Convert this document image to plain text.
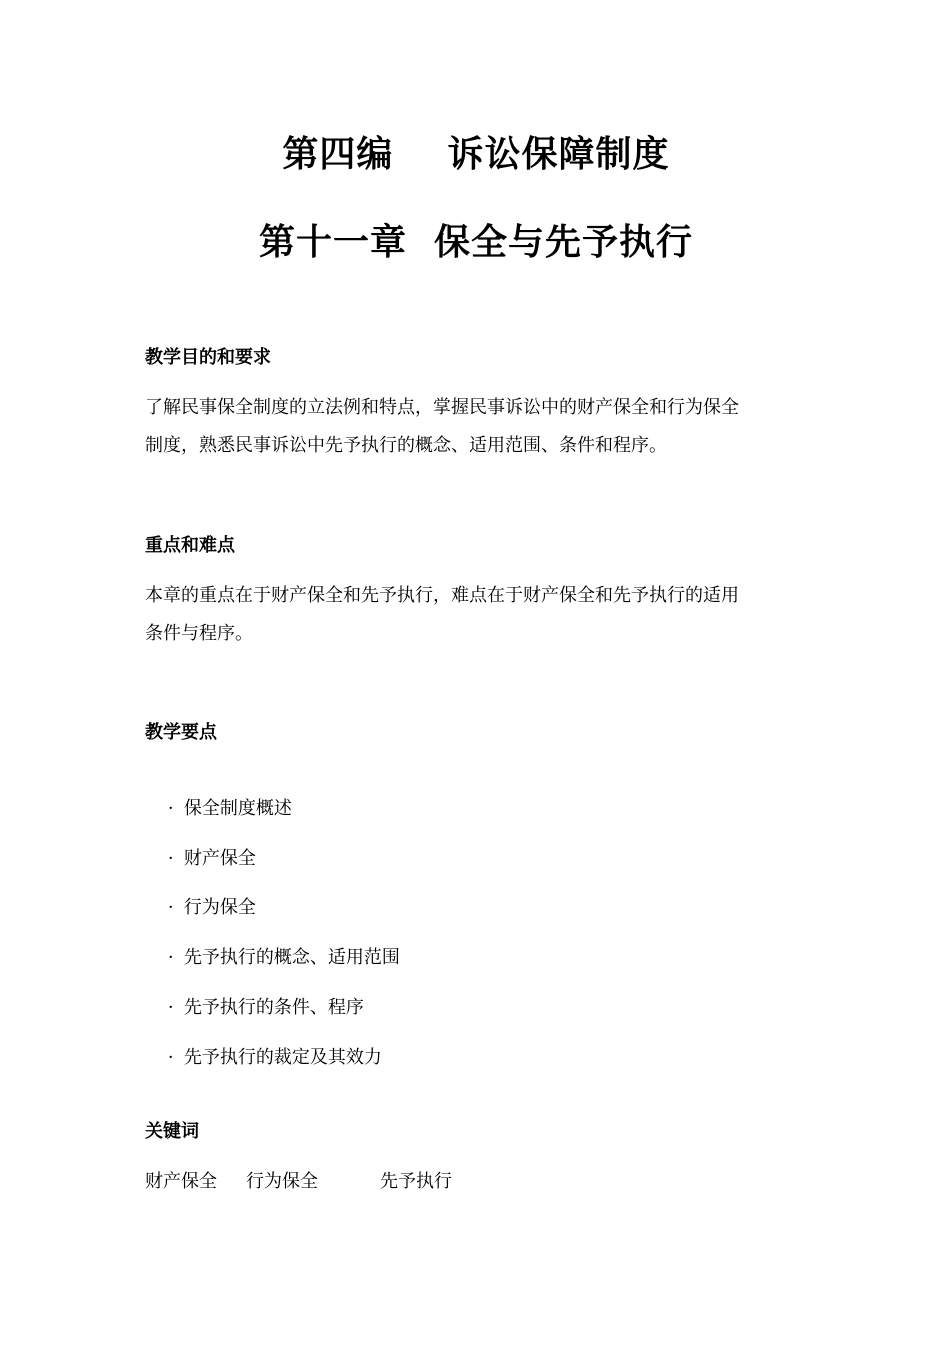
第四编    诉讼保障制度
第十一章  保全与先予执行
教学目的和要求
了解民事保全制度的立法例和特点，掌握民事诉讼中的财产保全和行为保全
制度，熟悉民事诉讼中先予执行的概念、适用范围、条件和程序。
重点和难点
本章的重点在于财产保全和先予执行，难点在于财产保全和先予执行的适用
条件与程序。
教学要点

· 保全制度概述

· 财产保全

· 行为保全

· 先予执行的概念、适用范围

· 先予执行的条件、程序

· 先予执行的裁定及其效力

关键词
财产保全 行为保全	先予执行
